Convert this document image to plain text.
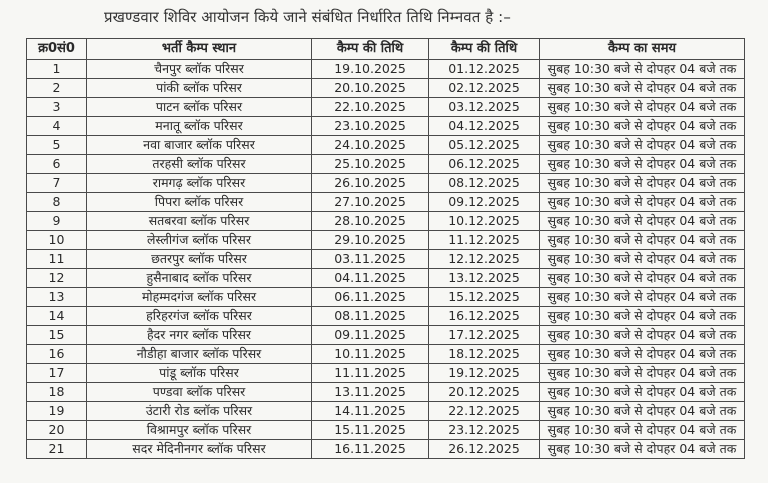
प्रखण्डवार शिविर आयोजन किये जाने संबंधित निर्धारित तिथि निम्नवत है :–
क्र0सं0	भर्ती कैम्प स्थान	कैम्प की तिथि	कैम्प की तिथि	कैम्प का समय
1	चैनपुर ब्लॉक परिसर	19.10.2025	01.12.2025	सुबह 10:30 बजे से दोपहर 04 बजे तक
2	पांकी ब्लॉक परिसर	20.10.2025	02.12.2025	सुबह 10:30 बजे से दोपहर 04 बजे तक
3	पाटन ब्लॉक परिसर	22.10.2025	03.12.2025	सुबह 10:30 बजे से दोपहर 04 बजे तक
4	मनातू ब्लॉक परिसर	23.10.2025	04.12.2025	सुबह 10:30 बजे से दोपहर 04 बजे तक
5	नवा बाजार ब्लॉक परिसर	24.10.2025	05.12.2025	सुबह 10:30 बजे से दोपहर 04 बजे तक
6	तरहसी ब्लॉक परिसर	25.10.2025	06.12.2025	सुबह 10:30 बजे से दोपहर 04 बजे तक
7	रामगढ़ ब्लॉक परिसर	26.10.2025	08.12.2025	सुबह 10:30 बजे से दोपहर 04 बजे तक
8	पिपरा ब्लॉक परिसर	27.10.2025	09.12.2025	सुबह 10:30 बजे से दोपहर 04 बजे तक
9	सतबरवा ब्लॉक परिसर	28.10.2025	10.12.2025	सुबह 10:30 बजे से दोपहर 04 बजे तक
10	लेस्लीगंज ब्लॉक परिसर	29.10.2025	11.12.2025	सुबह 10:30 बजे से दोपहर 04 बजे तक
11	छतरपुर ब्लॉक परिसर	03.11.2025	12.12.2025	सुबह 10:30 बजे से दोपहर 04 बजे तक
12	हुसैनाबाद ब्लॉक परिसर	04.11.2025	13.12.2025	सुबह 10:30 बजे से दोपहर 04 बजे तक
13	मोहम्मदगंज ब्लॉक परिसर	06.11.2025	15.12.2025	सुबह 10:30 बजे से दोपहर 04 बजे तक
14	हरिहरगंज ब्लॉक परिसर	08.11.2025	16.12.2025	सुबह 10:30 बजे से दोपहर 04 बजे तक
15	हैदर नगर ब्लॉक परिसर	09.11.2025	17.12.2025	सुबह 10:30 बजे से दोपहर 04 बजे तक
16	नौडीहा बाजार ब्लॉक परिसर	10.11.2025	18.12.2025	सुबह 10:30 बजे से दोपहर 04 बजे तक
17	पांडू ब्लॉक परिसर	11.11.2025	19.12.2025	सुबह 10:30 बजे से दोपहर 04 बजे तक
18	पण्डवा ब्लॉक परिसर	13.11.2025	20.12.2025	सुबह 10:30 बजे से दोपहर 04 बजे तक
19	उंटारी रोड ब्लॉक परिसर	14.11.2025	22.12.2025	सुबह 10:30 बजे से दोपहर 04 बजे तक
20	विश्रामपुर ब्लॉक परिसर	15.11.2025	23.12.2025	सुबह 10:30 बजे से दोपहर 04 बजे तक
21	सदर मेदिनीनगर ब्लॉक परिसर	16.11.2025	26.12.2025	सुबह 10:30 बजे से दोपहर 04 बजे तक
